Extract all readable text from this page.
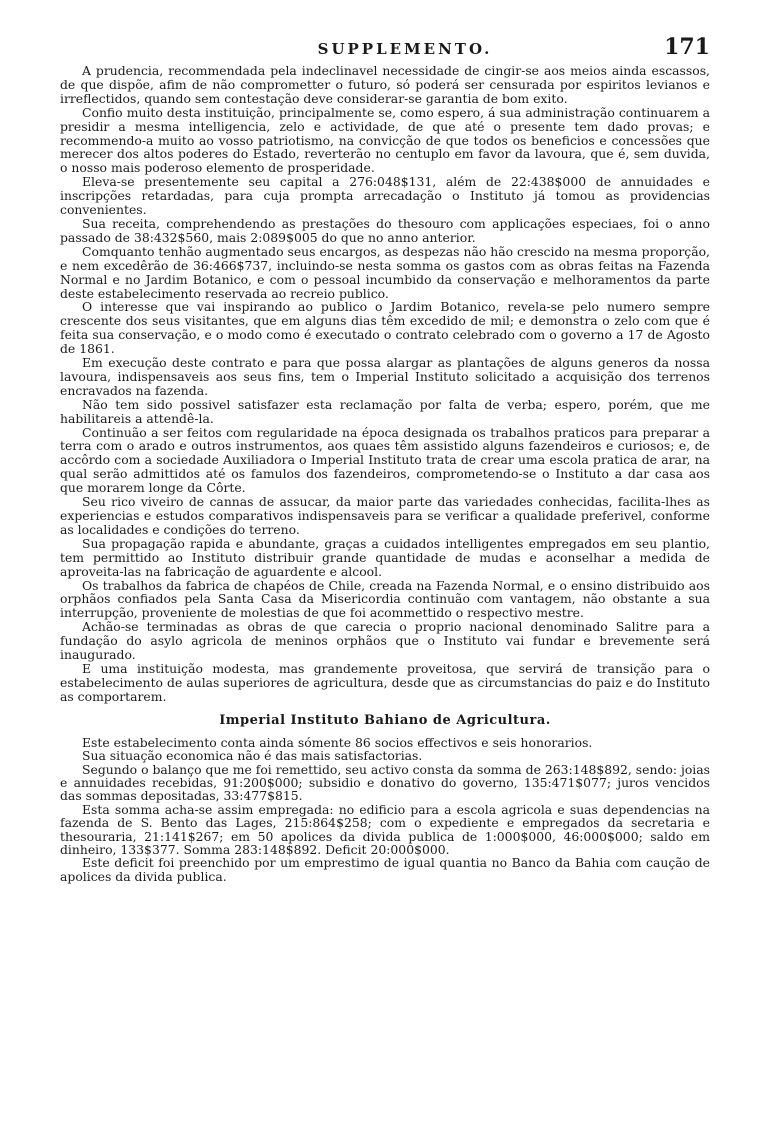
SUPPLEMENTO.	171

A prudencia, recommendada pela indeclinavel necessidade de cingir-se aos meios ainda escassos, de que dispõe, afim de não comprometter o futuro, só poderá ser censurada por espiritos levianos e irreflectidos, quando sem contestação deve considerar-se garantia de bom exito.

Confio muito desta instituição, principalmente se, como espero, á sua administração continuarem a presidir a mesma intelligencia, zelo e actividade, de que até o presente tem dado provas; e recommendo-a muito ao vosso patriotismo, na convicção de que todos os beneficios e concessões que merecer dos altos poderes do Estado, reverterão no centuplo em favor da lavoura, que é, sem duvida, o nosso mais poderoso elemento de prosperidade.

Eleva-se presentemente seu capital a 276:048$131, além de 22:438$000 de annuidades e inscripções retardadas, para cuja prompta arrecadação o Instituto já tomou as providencias convenientes.

Sua receita, comprehendendo as prestações do thesouro com applicações especiaes, foi o anno passado de 38:432$560, mais 2:089$005 do que no anno anterior.

Comquanto tenhão augmentado seus encargos, as despezas não hão crescido na mesma proporção, e nem excedêrão de 36:466$737, incluindo-se nesta somma os gastos com as obras feitas na Fazenda Normal e no Jardim Botanico, e com o pessoal incumbido da conservação e melhoramentos da parte deste estabelecimento reservada ao recreio publico.

O interesse que vai inspirando ao publico o Jardim Botanico, revela-se pelo numero sempre crescente dos seus visitantes, que em alguns dias têm excedido de mil; e demonstra o zelo com que é feita sua conservação, e o modo como é executado o contrato celebrado com o governo a 17 de Agosto de 1861.

Em execução deste contrato e para que possa alargar as plantações de alguns generos da nossa lavoura, indispensaveis aos seus fins, tem o Imperial Instituto solicitado a acquisição dos terrenos encravados na fazenda.

Não tem sido possivel satisfazer esta reclamação por falta de verba; espero, porém, que me habilitareis a attendê-la.

Continuão a ser feitos com regularidade na época designada os trabalhos praticos para preparar a terra com o arado e outros instrumentos, aos quaes têm assistido alguns fazendeiros e curiosos; e, de accôrdo com a sociedade Auxiliadora o Imperial Instituto trata de crear uma escola pratica de arar, na qual serão admittidos até os famulos dos fazendeiros, comprometendo-se o Instituto a dar casa aos que morarem longe da Côrte.

Seu rico viveiro de cannas de assucar, da maior parte das variedades conhecidas, facilita-lhes as experiencias e estudos comparativos indispensaveis para se verificar a qualidade preferivel, conforme as localidades e condições do terreno.

Sua propagação rapida e abundante, graças a cuidados intelligentes empregados em seu plantio, tem permittido ao Instituto distribuir grande quantidade de mudas e aconselhar a medida de aproveita-las na fabricação de aguardente e alcool.

Os trabalhos da fabrica de chapéos de Chile, creada na Fazenda Normal, e o ensino distribuido aos orphãos confiados pela Santa Casa da Misericordia continuão com vantagem, não obstante a sua interrupção, proveniente de molestias de que foi acommettido o respectivo mestre.

Achão-se terminadas as obras de que carecia o proprio nacional denominado Salitre para a fundação do asylo agricola de meninos orphãos que o Instituto vai fundar e brevemente será inaugurado.

E uma instituição modesta, mas grandemente proveitosa, que servirá de transição para o estabelecimento de aulas superiores de agricultura, desde que as circumstancias do paiz e do Instituto as comportarem.

Imperial Instituto Bahiano de Agricultura.

Este estabelecimento conta ainda sómente 86 socios effectivos e seis honorarios.

Sua situação economica não é das mais satisfactorias.

Segundo o balanço que me foi remettido, seu activo consta da somma de 263:148$892, sendo: joias e annuidades recebidas, 91:200$000; subsidio e donativo do governo, 135:471$077; juros vencidos das sommas depositadas, 33:477$815.

Esta somma acha-se assim empregada: no edificio para a escola agricola e suas dependencias na fazenda de S. Bento das Lages, 215:864$258; com o expediente e empregados da secretaria e thesouraria, 21:141$267; em 50 apolices da divida publica de 1:000$000, 46:000$000; saldo em dinheiro, 133$377. Somma 283:148$892. Deficit 20:000$000.

Este deficit foi preenchido por um emprestimo de igual quantia no Banco da Bahia com caução de apolices da divida publica.
